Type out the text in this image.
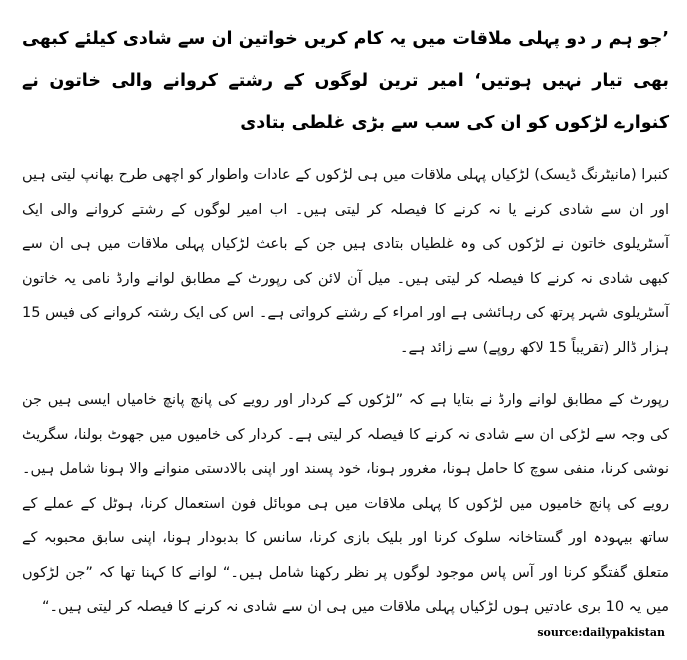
’جو ہم ر دو پہلی ملاقات میں یہ کام کریں خواتین ان سے شادی کیلئے کبھی بھی تیار نہیں ہوتیں‘ امیر ترین لوگوں کے رشتے کروانے والی خاتون نے کنوارے لڑکوں کو ان کی سب سے بڑی غلطی بتادی

کنبرا (مانیٹرنگ ڈیسک) لڑکیاں پہلی ملاقات میں ہی لڑکوں کے عادات واطوار کو اچھی طرح بھانپ لیتی ہیں اور ان سے شادی کرنے یا نہ کرنے کا فیصلہ کر لیتی ہیں۔ اب امیر لوگوں کے رشتے کروانے والی ایک آسٹریلوی خاتون نے لڑکوں کی وہ غلطیاں بتادی ہیں جن کے باعث لڑکیاں پہلی ملاقات میں ہی ان سے کبھی شادی نہ کرنے کا فیصلہ کر لیتی ہیں۔ میل آن لائن کی رپورٹ کے مطابق لوانے وارڈ نامی یہ خاتون آسٹریلوی شہر پرتھ کی رہائشی ہے اور امراء کے رشتے کرواتی ہے۔ اس کی ایک رشتہ کروانے کی فیس 15 ہزار ڈالر (تقریباً 15 لاکھ روپے) سے زائد ہے۔

رپورٹ کے مطابق لوانے وارڈ نے بتایا ہے کہ ”لڑکوں کے کردار اور رویے کی پانچ پانچ خامیاں ایسی ہیں جن کی وجہ سے لڑکی ان سے شادی نہ کرنے کا فیصلہ کر لیتی ہے۔ کردار کی خامیوں میں جھوٹ بولنا، سگریٹ نوشی کرنا، منفی سوچ کا حامل ہونا، مغرور ہونا، خود پسند اور اپنی بالادستی منوانے والا ہونا شامل ہیں۔ رویے کی پانچ خامیوں میں لڑکوں کا پہلی ملاقات میں ہی موبائل فون استعمال کرنا، ہوٹل کے عملے کے ساتھ بیہودہ اور گستاخانہ سلوک کرنا اور بلیک بازی کرنا، سانس کا بدبودار ہونا، اپنی سابق محبوبہ کے متعلق گفتگو کرنا اور آس پاس موجود لوگوں پر نظر رکھنا شامل ہیں۔“ لوانے کا کہنا تھا کہ ”جن لڑکوں میں یہ 10 بری عادتیں ہوں لڑکیاں پہلی ملاقات میں ہی ان سے شادی نہ کرنے کا فیصلہ کر لیتی ہیں۔“

source:dailypakistan
